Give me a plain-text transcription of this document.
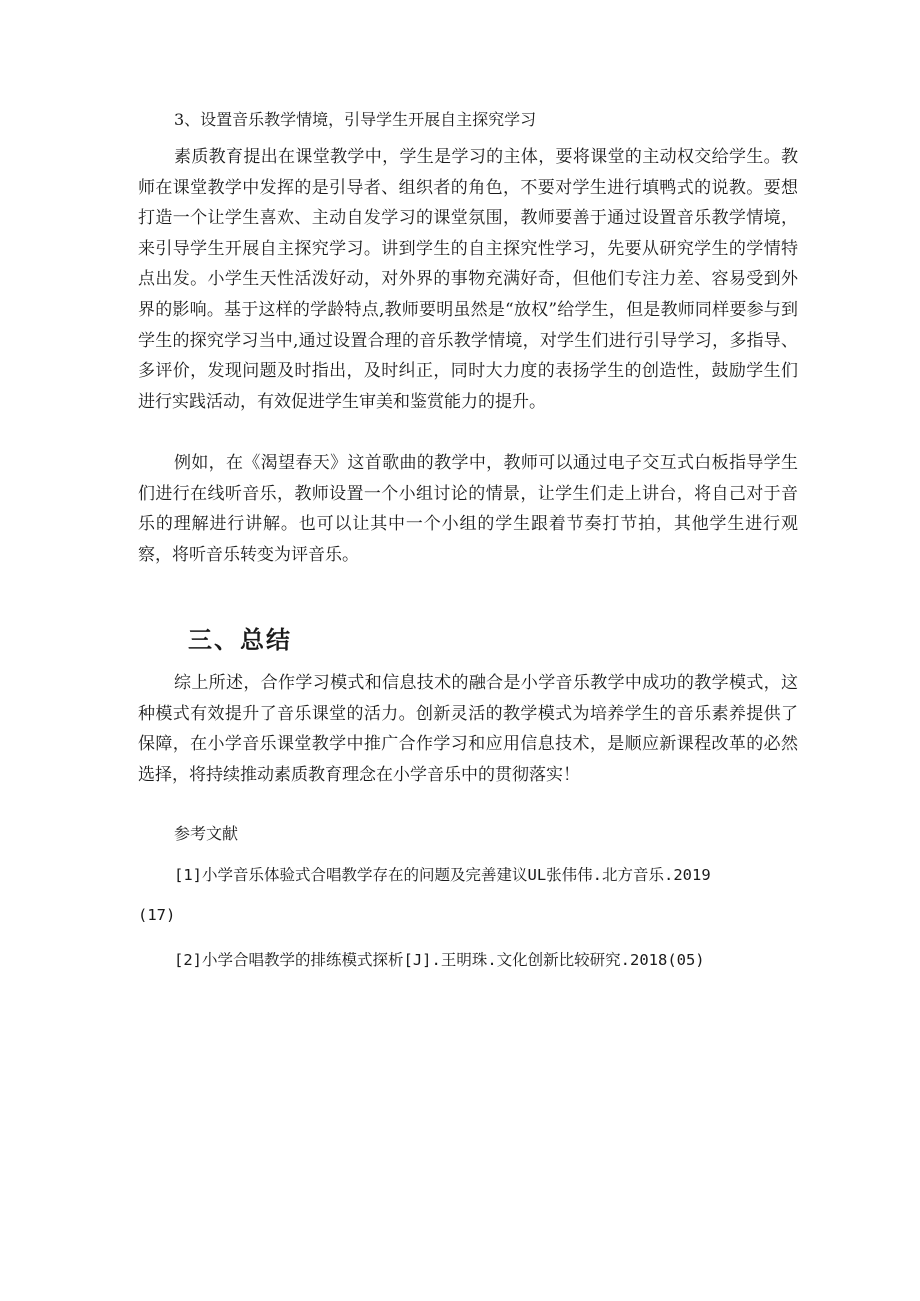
3、设置音乐教学情境，引导学生开展自主探究学习

素质教育提出在课堂教学中，学生是学习的主体，要将课堂的主动权交给学生。教师在课堂教学中发挥的是引导者、组织者的角色，不要对学生进行填鸭式的说教。要想打造一个让学生喜欢、主动自发学习的课堂氛围，教师要善于通过设置音乐教学情境，来引导学生开展自主探究学习。讲到学生的自主探究性学习，先要从研究学生的学情特点出发。小学生天性活泼好动，对外界的事物充满好奇，但他们专注力差、容易受到外界的影响。基于这样的学龄特点,教师要明虽然是“放权”给学生，但是教师同样要参与到学生的探究学习当中,通过设置合理的音乐教学情境，对学生们进行引导学习，多指导、多评价，发现问题及时指出，及时纠正，同时大力度的表扬学生的创造性，鼓励学生们进行实践活动，有效促进学生审美和鉴赏能力的提升。

例如，在《渴望春天》这首歌曲的教学中，教师可以通过电子交互式白板指导学生们进行在线听音乐，教师设置一个小组讨论的情景，让学生们走上讲台，将自己对于音乐的理解进行讲解。也可以让其中一个小组的学生跟着节奏打节拍，其他学生进行观察，将听音乐转变为评音乐。

三、总结

综上所述，合作学习模式和信息技术的融合是小学音乐教学中成功的教学模式，这种模式有效提升了音乐课堂的活力。创新灵活的教学模式为培养学生的音乐素养提供了保障，在小学音乐课堂教学中推广合作学习和应用信息技术，是顺应新课程改革的必然选择，将持续推动素质教育理念在小学音乐中的贯彻落实！

参考文献

[1]小学音乐体验式合唱教学存在的问题及完善建议UL张伟伟.北方音乐.2019(17)

[2]小学合唱教学的排练模式探析[J].王明珠.文化创新比较研究.2018(05)
